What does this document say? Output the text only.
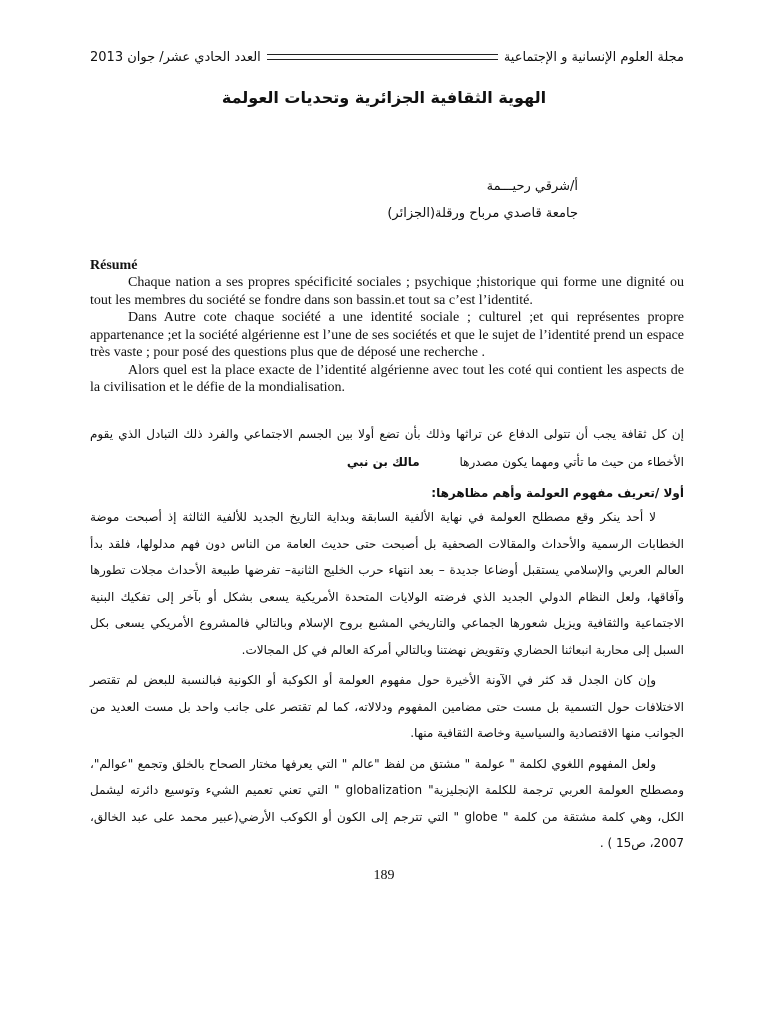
مجلة العلوم الإنسانية و الإجتماعية
العدد الحادي عشر/ جوان 2013
الهوية الثقافية الجزائرية وتحديات العولمة
أ/شرقي رحيـــمة
جامعة قاصدي مرباح ورقلة(الجزائر)
Résumé

Chaque nation a ses propres spécificité sociales ; psychique ;historique qui forme une dignité ou tout les membres du société se fondre dans son bassin.et tout sa c’est l’identité.

Dans Autre cote chaque société a une identité sociale ; culturel ;et qui représentes propre appartenance ;et la société algérienne est l’une de ses sociétés et que le sujet de l’identité prend un espace très vaste ; pour posé des questions plus que de déposé une recherche .

Alors quel est la place exacte de l’identité algérienne avec tout les coté qui contient les aspects de la civilisation et le défie de la mondialisation.

إن كل ثقافة يجب أن تتولى الدفاع عن تراثها وذلك بأن تضع أولا بين الجسم الاجتماعي والفرد ذلك التبادل الذي يقوم الأخطاء من حيث ما تأتي ومهما يكون مصدرها مالك بن نبي
أولا /تعريف مفهوم العولمة وأهم مظاهرها:

لا أحد ينكر وقع مصطلح العولمة في نهاية الألفية السابقة وبداية التاريخ الجديد للألفية الثالثة إذ أصبحت موضة الخطابات الرسمية والأحداث والمقالات الصحفية بل أصبحت حتى حديث العامة من الناس دون فهم مدلولها، فلقد بدأ العالم العربي والإسلامي يستقبل أوضاعا جديدة – بعد انتهاء حرب الخليج الثانية– تفرضها طبيعة الأحداث مجلات تطورها وآفاقها، ولعل النظام الدولي الجديد الذي فرضته الولايات المتحدة الأمريكية يسعى بشكل أو بآخر إلى تفكيك البنية الاجتماعية والثقافية ويزيل شعورها الجماعي والتاريخي المشبع بروح الإسلام وبالتالي فالمشروع الأمريكي يسعى بكل السبل إلى محاربة انبعاثنا الحضاري وتقويض نهضتنا وبالتالي أمركة العالم في كل المجالات.

وإن كان الجدل قد كثر في الآونة الأخيرة حول مفهوم العولمة أو الكوكبة أو الكونية فبالنسبة للبعض لم تقتصر الاختلافات حول التسمية بل مست حتى مضامين المفهوم ودلالاته، كما لم تقتصر على جانب واحد بل مست العديد من الجوانب منها الاقتصادية والسياسية وخاصة الثقافية منها.

ولعل المفهوم اللغوي لكلمة " عولمة " مشتق من لفظ "عالم " التي يعرفها مختار الصحاح بالخلق وتجمع "عوالم"، ومصطلح العولمة العربي ترجمة للكلمة الإنجليزية" globalization " التي تعني تعميم الشيء وتوسيع دائرته ليشمل الكل، وهي كلمة مشتقة من كلمة " globe " التي تترجم إلى الكون أو الكوكب الأرضي(عبير محمد على عبد الخالق، 2007، ص15 ) .

189
